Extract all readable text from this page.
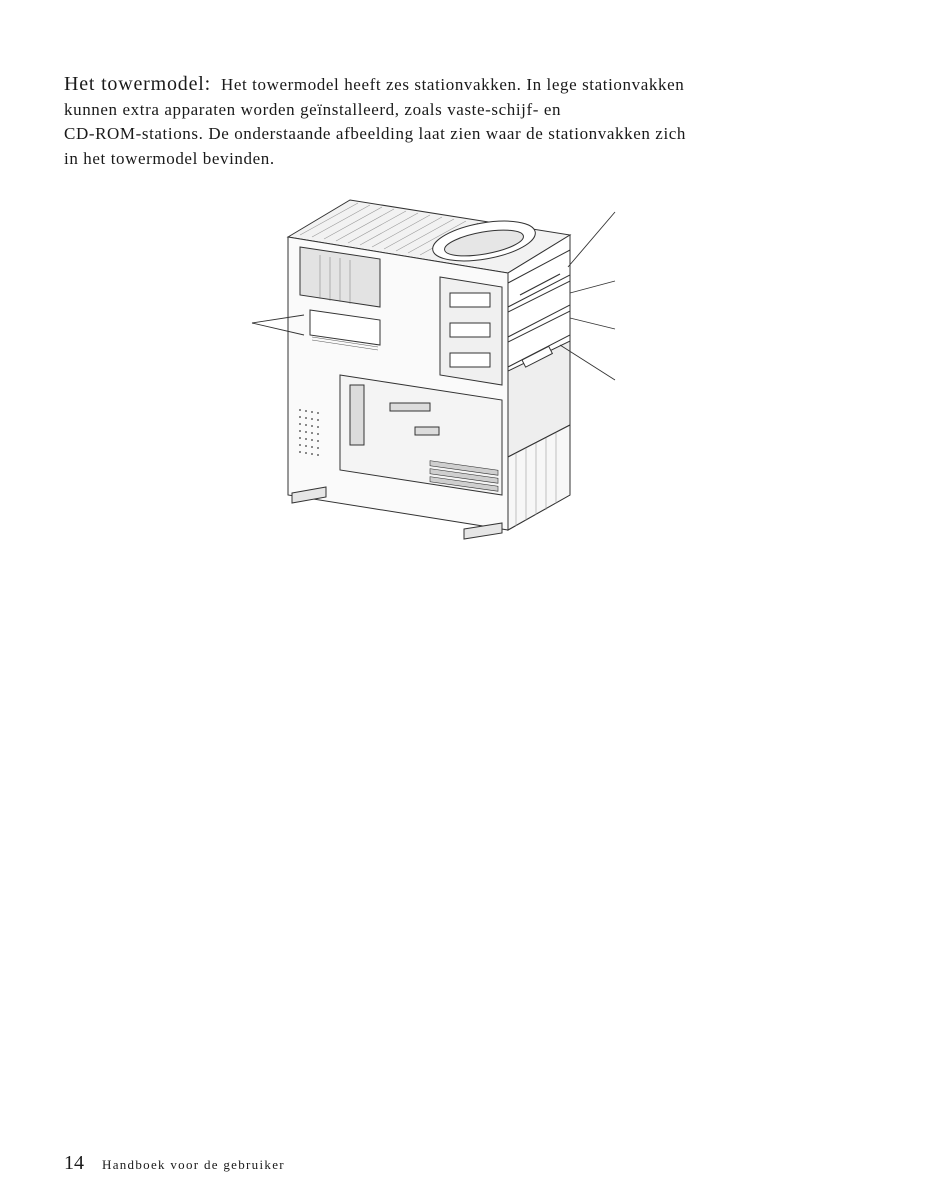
Het towermodel: Het towermodel heeft zes stationvakken. In lege stationvakken
kunnen extra apparaten worden geïnstalleerd, zoals vaste-schijf- en
CD-ROM-stations. De onderstaande afbeelding laat zien waar de stationvakken zich
in het towermodel bevinden.

14 Handboek voor de gebruiker
